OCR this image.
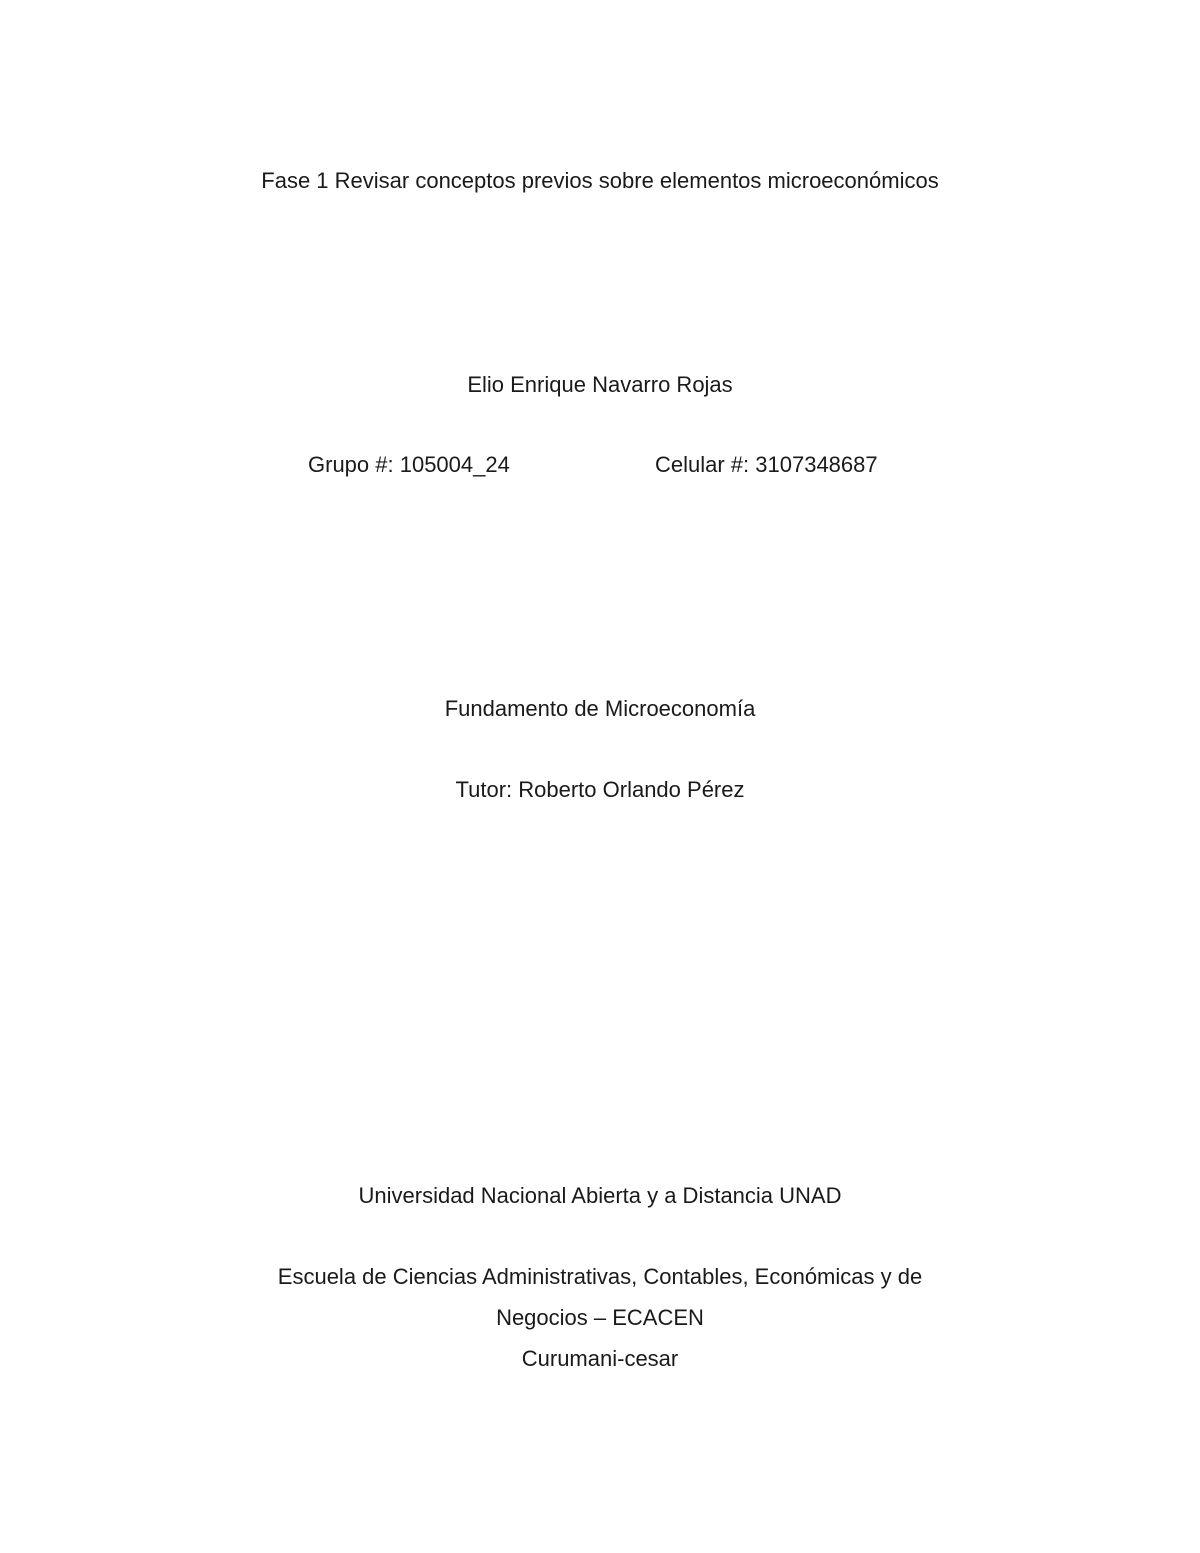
Fase 1 Revisar conceptos previos sobre elementos microeconómicos
Elio Enrique Navarro Rojas
Grupo #: 105004_24	Celular #: 3107348687
Fundamento de Microeconomía
Tutor: Roberto Orlando Pérez
Universidad Nacional Abierta y a Distancia UNAD
Escuela de Ciencias Administrativas, Contables, Económicas y de
Negocios – ECACEN
Curumani-cesar
